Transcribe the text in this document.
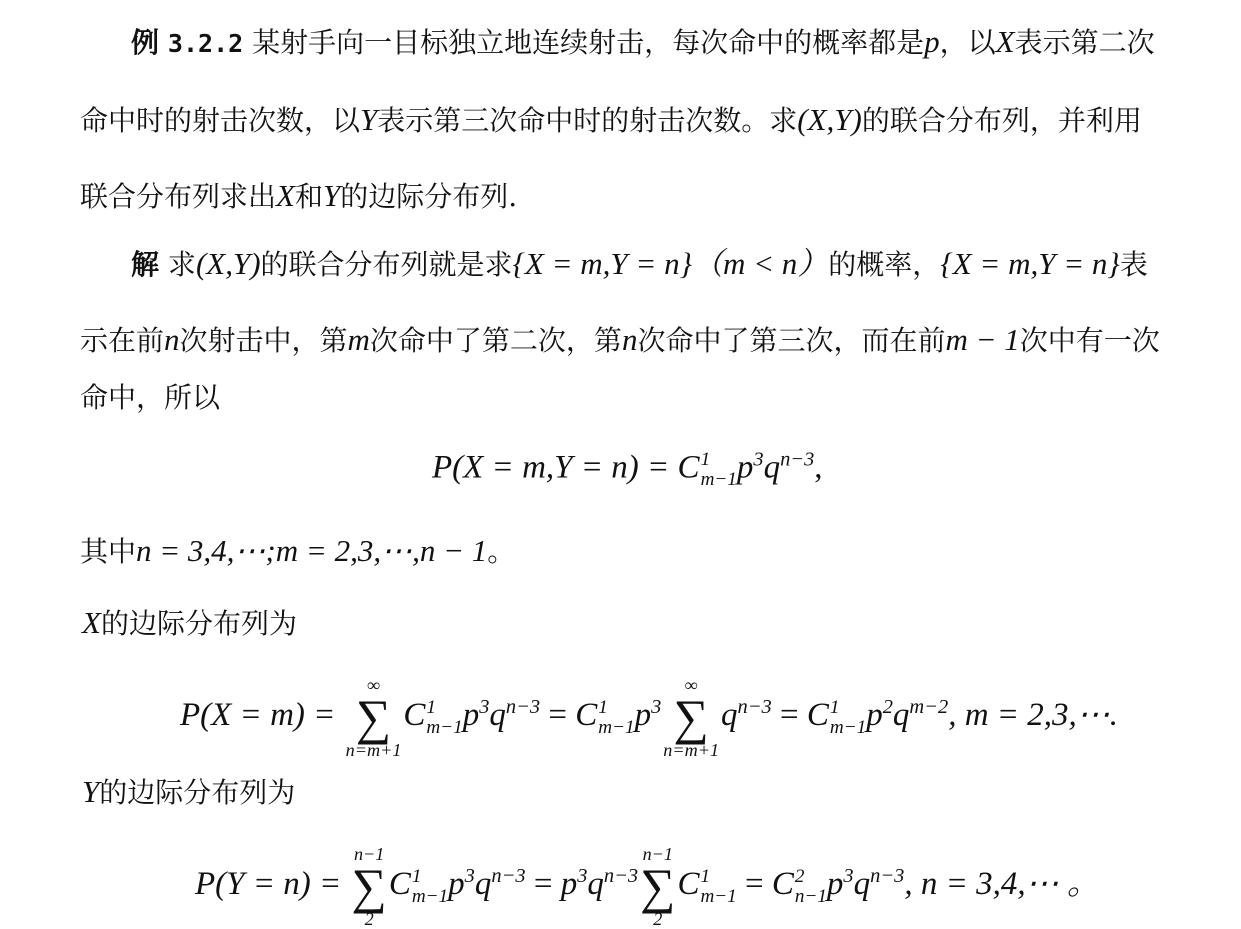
例 3.2.2 某射手向一目标独立地连续射击，每次命中的概率都是p，以X表示第二次
命中时的射击次数，以Y表示第三次命中时的射击次数。求(X,Y)的联合分布列，并利用
联合分布列求出X和Y的边际分布列.
解 求(X,Y)的联合分布列就是求{X = m,Y = n}（m < n）的概率，{X = m,Y = n}表
示在前n次射击中，第m次命中了第二次，第n次命中了第三次，而在前m − 1次中有一次
命中，所以
P(X = m,Y = n) = C 1
m−1 $p^3q^{n-3}$,
其中n = 3,4,⋯;m = 2,3,⋯,n − 1。
X的边际分布列为
P(X = m) =
∞
∑
n=m+1
C 1
m−1 $p^3q^{n-3} = C$ 1
m−1 $p^3$
∞
∑
n=m+1
$q^{n-3} = C$ 1
m−1 $p^2q^{m-2}$, m = 2,3,⋯.
Y的边际分布列为
P(Y = n) =
n−1
∑
2
C 1
m−1 $p^3q^{n-3} = p^3q^{n-3}$
n−1
∑
2
C 1
m−1 = C 2
n−1 $p^3q^{n-3}$, n = 3,4,⋯ 。
